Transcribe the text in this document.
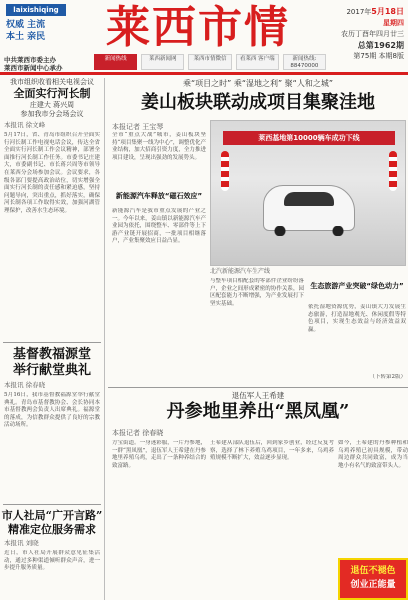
laixishiqing
权威 主流
本土 亲民	莱西市情	2017年5月18日
星期四
农历丁酉年四月廿三
总第1962期
第75期 本期8版
中共莱西市委主办
莱西市新闻中心承办
新闻热线	莱西新闻网	莱西市情微信	看莱西 客户端	新闻热线: 88470000
我市组织收看相关电视会议
全面实行河长制
庄建大 蒋兴周
参加我市分会场会议
本报讯 徐文峰
5月17日，省、青岛市组织召开全面实行河长制工作电视电话会议，传达全省全面实行河长制工作会议精神，部署全面推行河长制工作任务。市委书记庄建大，市委副书记、市长蒋兴周等市领导在莱西分会场参加会议。会议要求，各级各部门要提高政治站位，切实增强全面实行河长制的责任感和紧迫感，坚持问题导向，突出重点，抓好落实，确保河长制各项工作取得实效，加强河湖管理保护，改善水生态环境。
基督教福源堂
举行献堂典礼
本报讯 徐春晓
5月16日，我市基督教福源堂举行献堂典礼。青岛市基督教协会、会长协同本市基督教两会负责人出席典礼。福源堂的落成，为信教群众提供了良好的宗教活动场所。
市人社局“广开言路”
精准定位服务需求
本报讯 刘晓
近日，市人社局开展群众意见征集活动，通过多种渠道倾听群众声音，进一步提升服务质量。
乘“项目之时” 乘“湿地之利” 聚“人和之城”
姜山板块联动成项目集聚洼地
本报记者 王宝琴
全市“重点大战”城市，姜山板块坚持“项目集聚一线为中心”，调整优化产业结构，加大招商引资力度，全力推进项目建设，呈现出强劲的发展势头。
新能源汽车释放“磁石效应”
新能源汽车是我市重点发展的产业之一。今年以来，姜山镇以新能源汽车产业园为依托，围绕整车、零部件等上下游产业链开展招商，一批项目相继落户，产业集聚效应日益凸显。
莱西基地第10000辆车成功下线
北汽新能源汽车生产线
与整车项目相配套的零部件企业纷纷落户，企业之间形成紧密的协作关系，园区配套能力不断增强，为产业发展打下坚实基础。
生态旅游产业突破“绿色动力”
依托湿地资源优势，姜山镇大力发展生态旅游，打造湿地观光、休闲度假等特色项目，实现生态效益与经济效益双赢。
（下转第2版）
退伍军人王希建
丹参地里养出“黑凤凰”
本报记者 徐春晓
方宝街道。一身迷彩服，一片丹参地，一群“黑凤凰”，退伍军人王希建在丹参地里养殖乌鸡，走出了一条种养结合的致富路。
王希建从部队退伍后，回到家乡创业，经过反复考察，选择了林下养殖乌鸡项目，一年多来，乌鸡养殖规模不断扩大，效益逐步显现。
如今，王希建的丹参种植和乌鸡养殖已初具规模，带动周边群众共同致富，成为当地小有名气的致富带头人。
退伍不褪色
创业正能量
